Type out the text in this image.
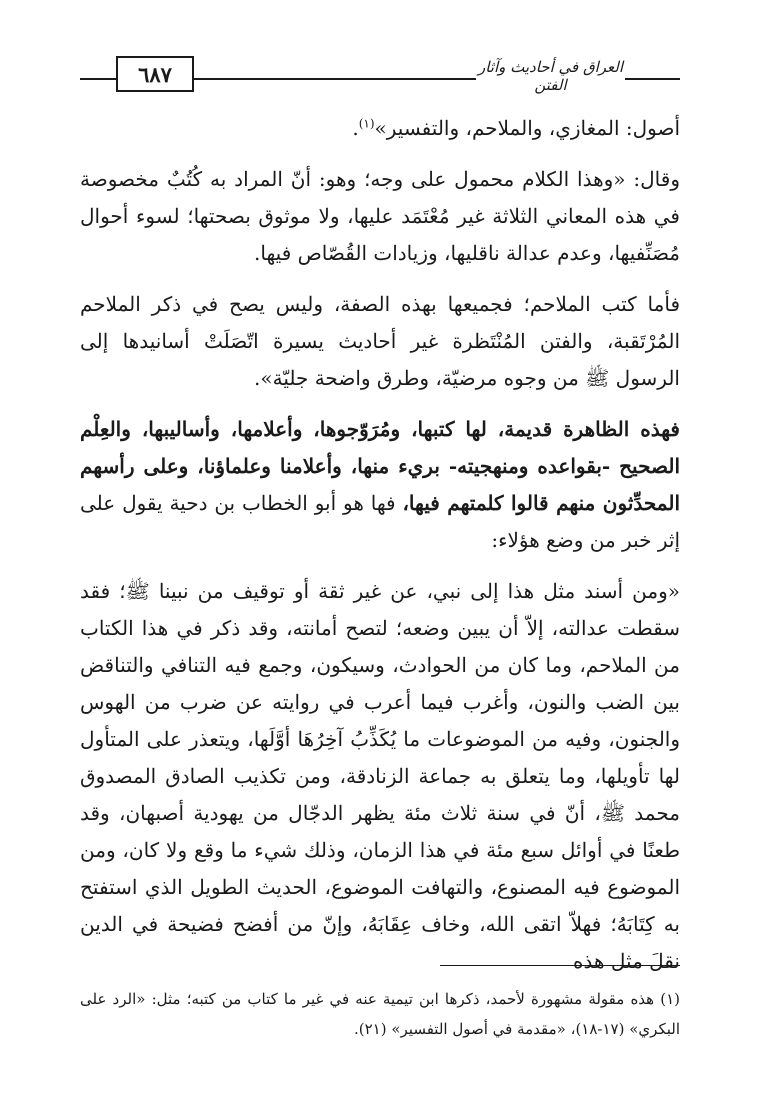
٦٨٧	العراق في أحاديث وآثار الفتن

أصول: المغازي، والملاحم، والتفسير»$^{(١)}$.

وقال: «وهذا الكلام محمول على وجه؛ وهو: أنّ المراد به كُتُبٌ مخصوصة في هذه المعاني الثلاثة غير مُعْتَمَد عليها، ولا موثوق بصحتها؛ لسوء أحوال مُصَنِّفيها، وعدم عدالة ناقليها، وزيادات القُصّاص فيها.

فأما كتب الملاحم؛ فجميعها بهذه الصفة، وليس يصح في ذكر الملاحم المُرْتَقبة، والفتن المُنْتَظرة غير أحاديث يسيرة اتّصَلَتْ أسانيدها إلى الرسول ﷺ من وجوه مرضيّة، وطرق واضحة جليّة».

فهذه الظاهرة قديمة، لها كتبها، ومُرَوّجوها، وأعلامها، وأساليبها، والعِلْم الصحيح -بقواعده ومنهجيته- بريء منها، وأعلامنا وعلماؤنا، وعلى رأسهم المحدِّثون منهم قالوا كلمتهم فيها، فها هو أبو الخطاب بن دحية يقول على إثر خبر من وضع هؤلاء:

«ومن أسند مثل هذا إلى نبي، عن غير ثقة أو توقيف من نبينا ﷺ؛ فقد سقطت عدالته، إلاّ أن يبين وضعه؛ لتصح أمانته، وقد ذكر في هذا الكتاب من الملاحم، وما كان من الحوادث، وسيكون، وجمع فيه التنافي والتناقض بين الضب والنون، وأغرب فيما أعرب في روايته عن ضرب من الهوس والجنون، وفيه من الموضوعات ما يُكَذِّبُ آخِرُهَا أوَّلَها، ويتعذر على المتأول لها تأويلها، وما يتعلق به جماعة الزنادقة، ومن تكذيب الصادق المصدوق محمد ﷺ، أنّ في سنة ثلاث مئة يظهر الدجّال من يهودية أصبهان، وقد طعنًا في أوائل سبع مئة في هذا الزمان، وذلك شيء ما وقع ولا كان، ومن الموضوع فيه المصنوع، والتهافت الموضوع، الحديث الطويل الذي استفتح به كِتَابَهُ؛ فهلاّ اتقى الله، وخاف عِقَابَهُ، وإنّ من أفضح فضيحة في الدين نقلَ مثل هذه

(١) هذه مقولة مشهورة لأحمد، ذكرها ابن تيمية عنه في غير ما كتاب من كتبه؛ مثل: «الرد على البكري» (١٧-١٨)، «مقدمة في أصول التفسير» (٢١).
